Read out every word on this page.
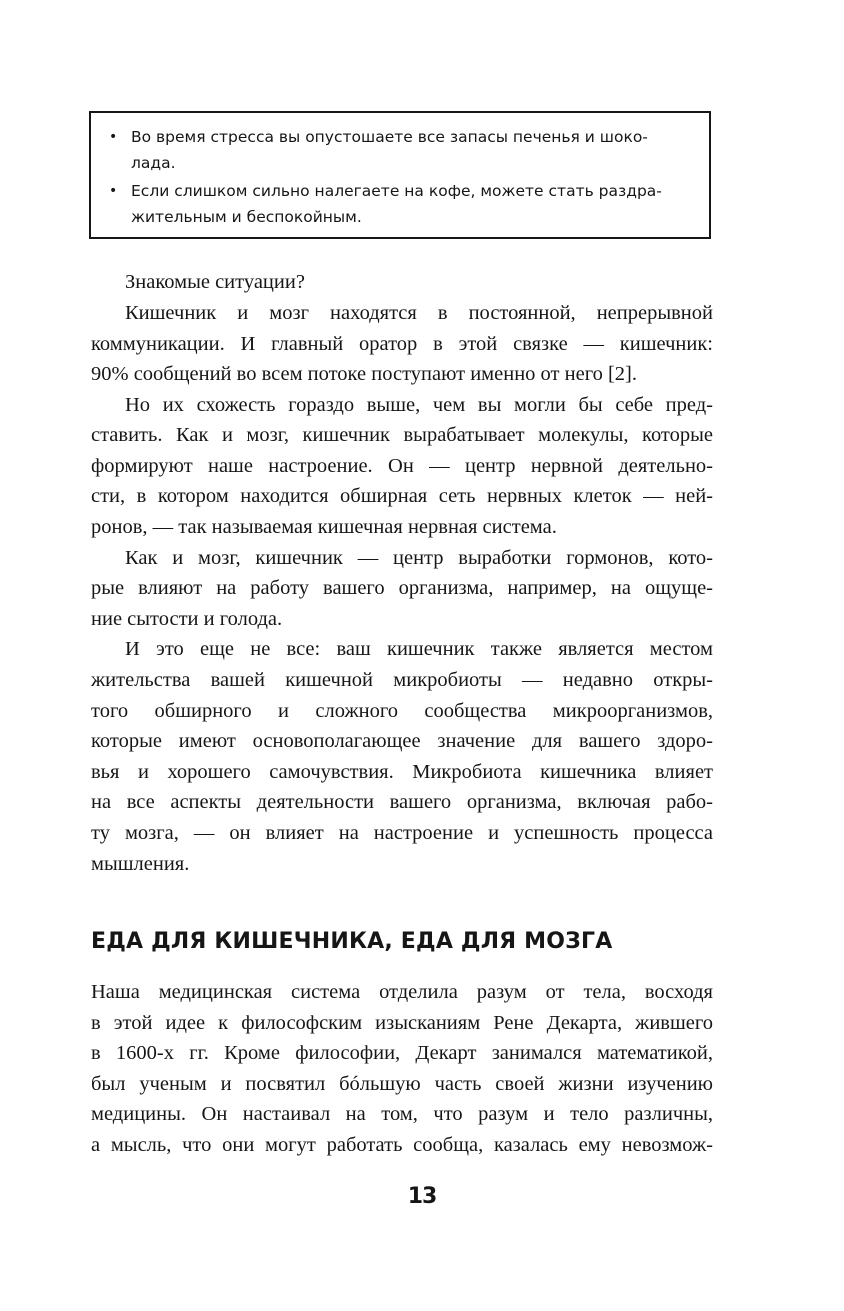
• Во время стресса вы опустошаете все запасы печенья и шоко-
лада.
• Если слишком сильно налегаете на кофе, можете стать раздра-
жительным и беспокойным.
Знакомые ситуации?
Кишечник и мозг находятся в постоянной, непрерывной
коммуникации. И главный оратор в этой связке — кишечник:
90% сообщений во всем потоке поступают именно от него [2].
Но их схожесть гораздо выше, чем вы могли бы себе пред-
ставить. Как и мозг, кишечник вырабатывает молекулы, которые
формируют наше настроение. Он — центр нервной деятельно-
сти, в котором находится обширная сеть нервных клеток — ней-
ронов, — так называемая кишечная нервная система.
Как и мозг, кишечник — центр выработки гормонов, кото-
рые влияют на работу вашего организма, например, на ощуще-
ние сытости и голода.
И это еще не все: ваш кишечник также является местом
жительства вашей кишечной микробиоты — недавно откры-
того обширного и сложного сообщества микроорганизмов,
которые имеют основополагающее значение для вашего здоро-
вья и хорошего самочувствия. Микробиота кишечника влияет
на все аспекты деятельности вашего организма, включая рабо-
ту мозга, — он влияет на настроение и успешность процесса
мышления.
ЕДА ДЛЯ КИШЕЧНИКА, ЕДА ДЛЯ МОЗГА
Наша медицинская система отделила разум от тела, восходя
в этой идее к философским изысканиям Рене Декарта, жившего
в 1600-х гг. Кроме философии, Декарт занимался математикой,
был ученым и посвятил бóльшую часть своей жизни изучению
медицины. Он настаивал на том, что разум и тело различны,
а мысль, что они могут работать сообща, казалась ему невозмож-
13
